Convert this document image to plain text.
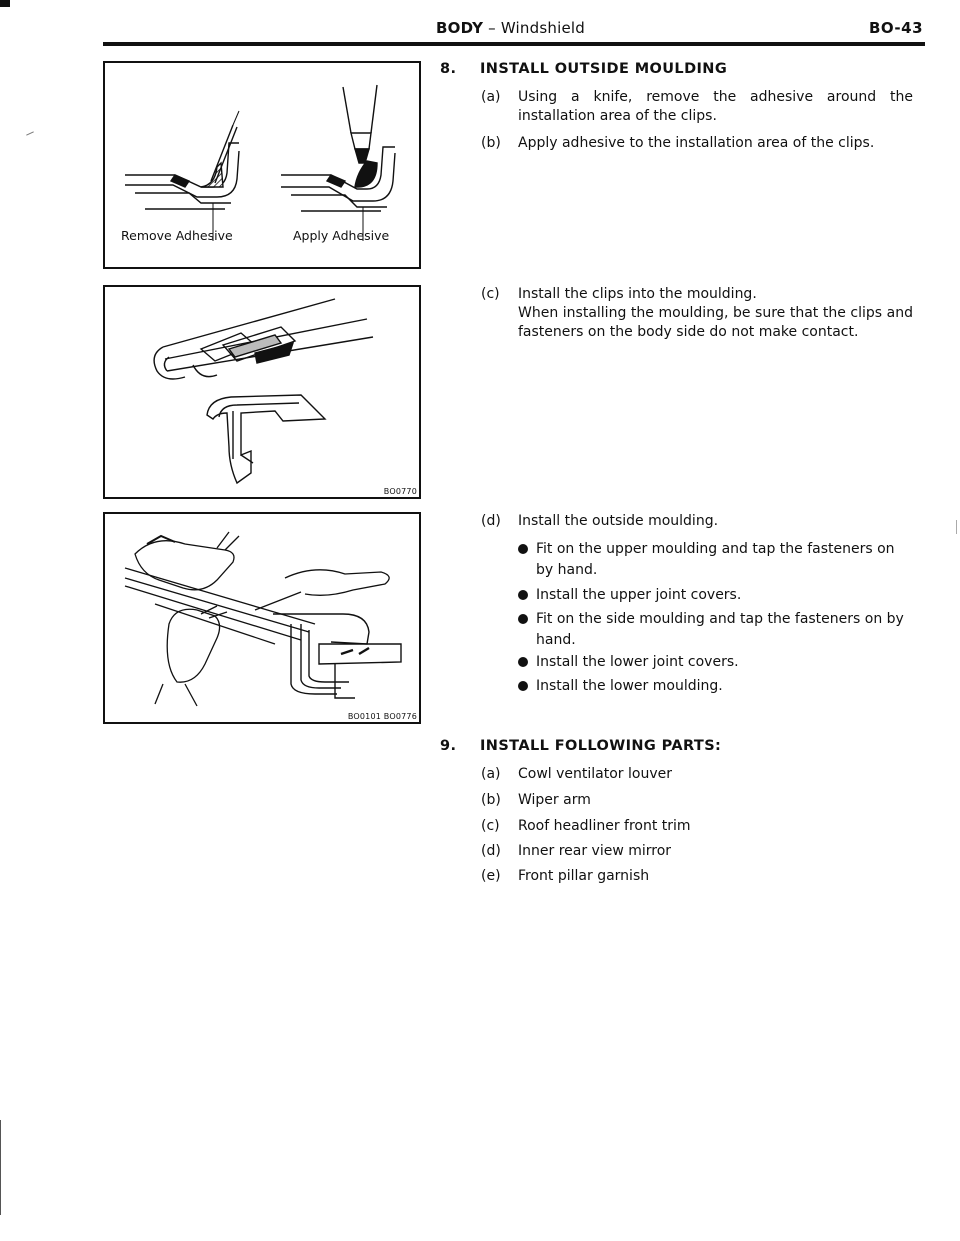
BODY – Windshield	BO-43
Remove Adhesive	Apply Adhesive
BO0770
BO0101 BO0776
8. INSTALL OUTSIDE MOULDING
(a) Using a knife, remove the adhesive around the installation area of the clips.
(b) Apply adhesive to the installation area of the clips.
(c) Install the clips into the moulding.
When installing the moulding, be sure that the clips and fasteners on the body side do not make contact.
(d) Install the outside moulding.
Fit on the upper moulding and tap the fasteners on by hand.
Install the upper joint covers.
Fit on the side moulding and tap the fasteners on by hand.
Install the lower joint covers.
Install the lower moulding.
9. INSTALL FOLLOWING PARTS:
(a) Cowl ventilator louver
(b) Wiper arm
(c) Roof headliner front trim
(d) Inner rear view mirror
(e) Front pillar garnish
